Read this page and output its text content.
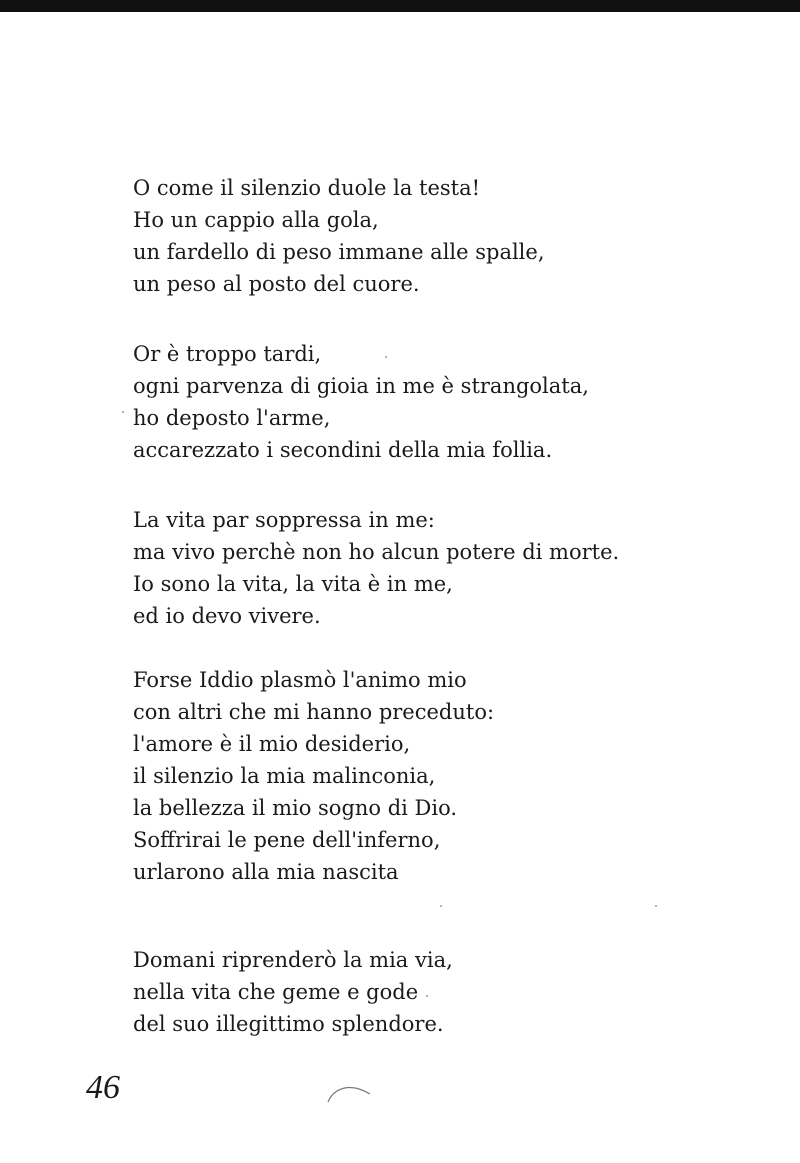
O come il silenzio duole la testa!
Ho un cappio alla gola,
un fardello di peso immane alle spalle,
un peso al posto del cuore.
Or è troppo tardi,
ogni parvenza di gioia in me è strangolata,
ho deposto l'arme,
accarezzato i secondini della mia follia.
La vita par soppressa in me:
ma vivo perchè non ho alcun potere di morte.
Io sono la vita, la vita è in me,
ed io devo vivere.
Forse Iddio plasmò l'animo mio
con altri che mi hanno preceduto:
l'amore è il mio desiderio,
il silenzio la mia malinconia,
la bellezza il mio sogno di Dio.
Soffrirai le pene dell'inferno,
urlarono alla mia nascita
Domani riprenderò la mia via,
nella vita che geme e gode
del suo illegittimo splendore.
46
